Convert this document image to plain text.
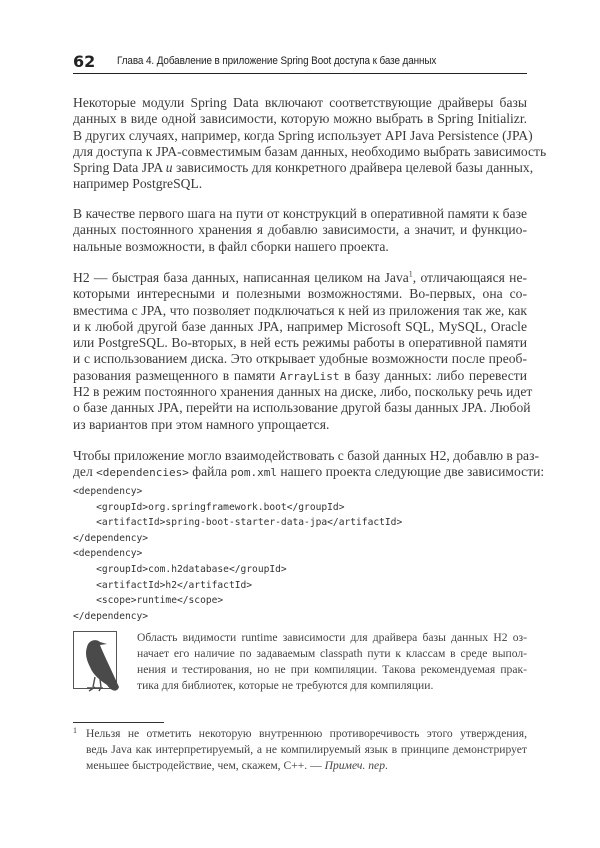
62 Глава 4. Добавление в приложение Spring Boot доступа к базе данных
Некоторые модули Spring Data включают соответствующие драйверы базы
данных в виде одной зависимости, которую можно выбрать в Spring Initializr.
В других случаях, например, когда Spring использует API Java Persistence (JPA)
для доступа к JPA-совместимым базам данных, необходимо выбрать зависимость
Spring Data JPA и зависимость для конкретного драйвера целевой базы данных,
например PostgreSQL.
В качестве первого шага на пути от конструкций в оперативной памяти к базе
данных постоянного хранения я добавлю зависимости, а значит, и функцио-
нальные возможности, в файл сборки нашего проекта.
H2 — быстрая база данных, написанная целиком на Java$^1$, отличающаяся не-
которыми интересными и полезными возможностями. Во-первых, она со-
вместима с JPA, что позволяет подключаться к ней из приложения так же, как
и к любой другой базе данных JPA, например Microsoft SQL, MySQL, Oracle
или PostgreSQL. Во-вторых, в ней есть режимы работы в оперативной памяти
и с использованием диска. Это открывает удобные возможности после преоб-
разования размещенного в памяти ArrayList в базу данных: либо перевести
H2 в режим постоянного хранения данных на диске, либо, поскольку речь идет
о базе данных JPA, перейти на использование другой базы данных JPA. Любой
из вариантов при этом намного упрощается.
Чтобы приложение могло взаимодействовать с базой данных H2, добавлю в раз-
дел <dependencies> файла pom.xml нашего проекта следующие две зависимости:
<dependency>
<groupId>org.springframework.boot</groupId>
<artifactId>spring-boot-starter-data-jpa</artifactId>
</dependency>
<dependency>
<groupId>com.h2database</groupId>
<artifactId>h2</artifactId>
<scope>runtime</scope>
</dependency>
Область видимости runtime зависимости для драйвера базы данных H2 оз-
начает его наличие по задаваемым classpath пути к классам в среде выпол-
нения и тестирования, но не при компиляции. Такова рекомендуемая прак-
тика для библиотек, которые не требуются для компиляции.
1 Нельзя не отметить некоторую внутреннюю противоречивость этого утверждения,
ведь Java как интерпретируемый, а не компилируемый язык в принципе демонстрирует
меньшее быстродействие, чем, скажем, C++. — Примеч. пер.
